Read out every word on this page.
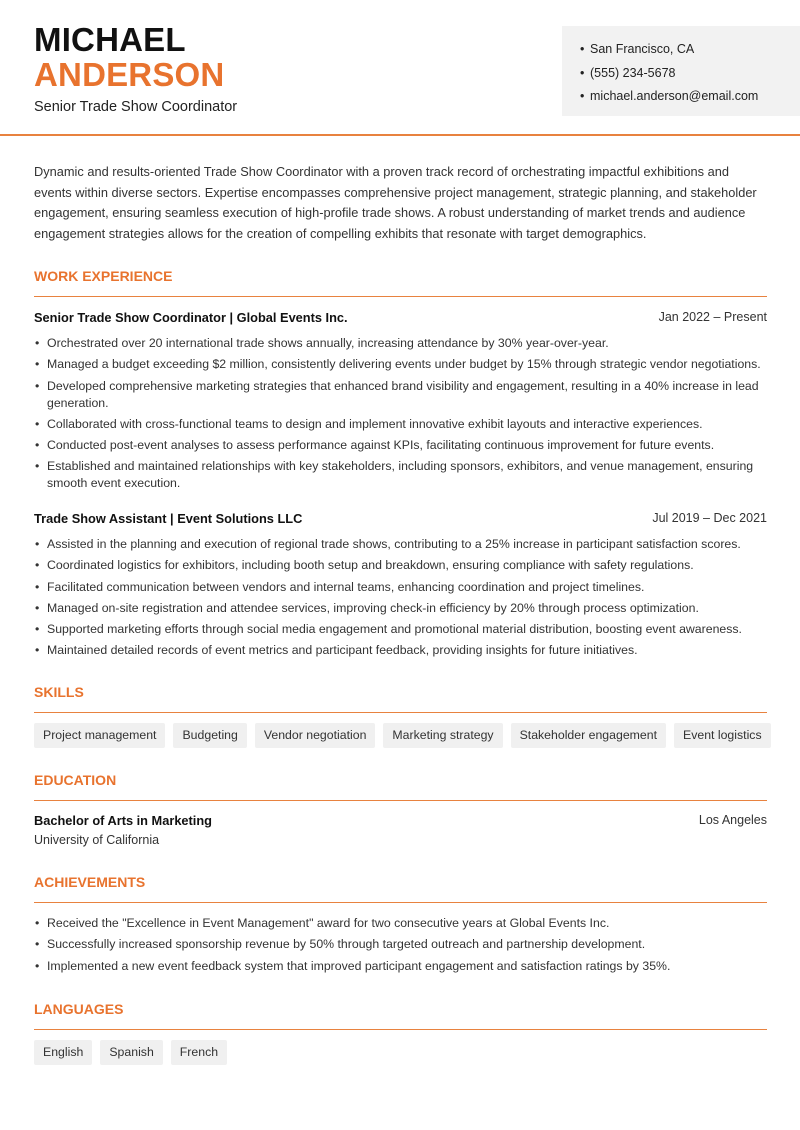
MICHAEL
ANDERSON
Senior Trade Show Coordinator
• San Francisco, CA
• (555) 234-5678
• michael.anderson@email.com
Dynamic and results-oriented Trade Show Coordinator with a proven track record of orchestrating impactful exhibitions and events within diverse sectors. Expertise encompasses comprehensive project management, strategic planning, and stakeholder engagement, ensuring seamless execution of high-profile trade shows. A robust understanding of market trends and audience engagement strategies allows for the creation of compelling exhibits that resonate with target demographics.
WORK EXPERIENCE
Senior Trade Show Coordinator | Global Events Inc.	Jan 2022 – Present
• Orchestrated over 20 international trade shows annually, increasing attendance by 30% year-over-year.
• Managed a budget exceeding $2 million, consistently delivering events under budget by 15% through strategic vendor negotiations.
• Developed comprehensive marketing strategies that enhanced brand visibility and engagement, resulting in a 40% increase in lead generation.
• Collaborated with cross-functional teams to design and implement innovative exhibit layouts and interactive experiences.
• Conducted post-event analyses to assess performance against KPIs, facilitating continuous improvement for future events.
• Established and maintained relationships with key stakeholders, including sponsors, exhibitors, and venue management, ensuring smooth event execution.
Trade Show Assistant | Event Solutions LLC	Jul 2019 – Dec 2021
• Assisted in the planning and execution of regional trade shows, contributing to a 25% increase in participant satisfaction scores.
• Coordinated logistics for exhibitors, including booth setup and breakdown, ensuring compliance with safety regulations.
• Facilitated communication between vendors and internal teams, enhancing coordination and project timelines.
• Managed on-site registration and attendee services, improving check-in efficiency by 20% through process optimization.
• Supported marketing efforts through social media engagement and promotional material distribution, boosting event awareness.
• Maintained detailed records of event metrics and participant feedback, providing insights for future initiatives.
SKILLS
Project management	Budgeting	Vendor negotiation	Marketing strategy	Stakeholder engagement	Event logistics
EDUCATION
Bachelor of Arts in Marketing	Los Angeles
University of California
ACHIEVEMENTS
• Received the "Excellence in Event Management" award for two consecutive years at Global Events Inc.
• Successfully increased sponsorship revenue by 50% through targeted outreach and partnership development.
• Implemented a new event feedback system that improved participant engagement and satisfaction ratings by 35%.
LANGUAGES
English	Spanish	French
